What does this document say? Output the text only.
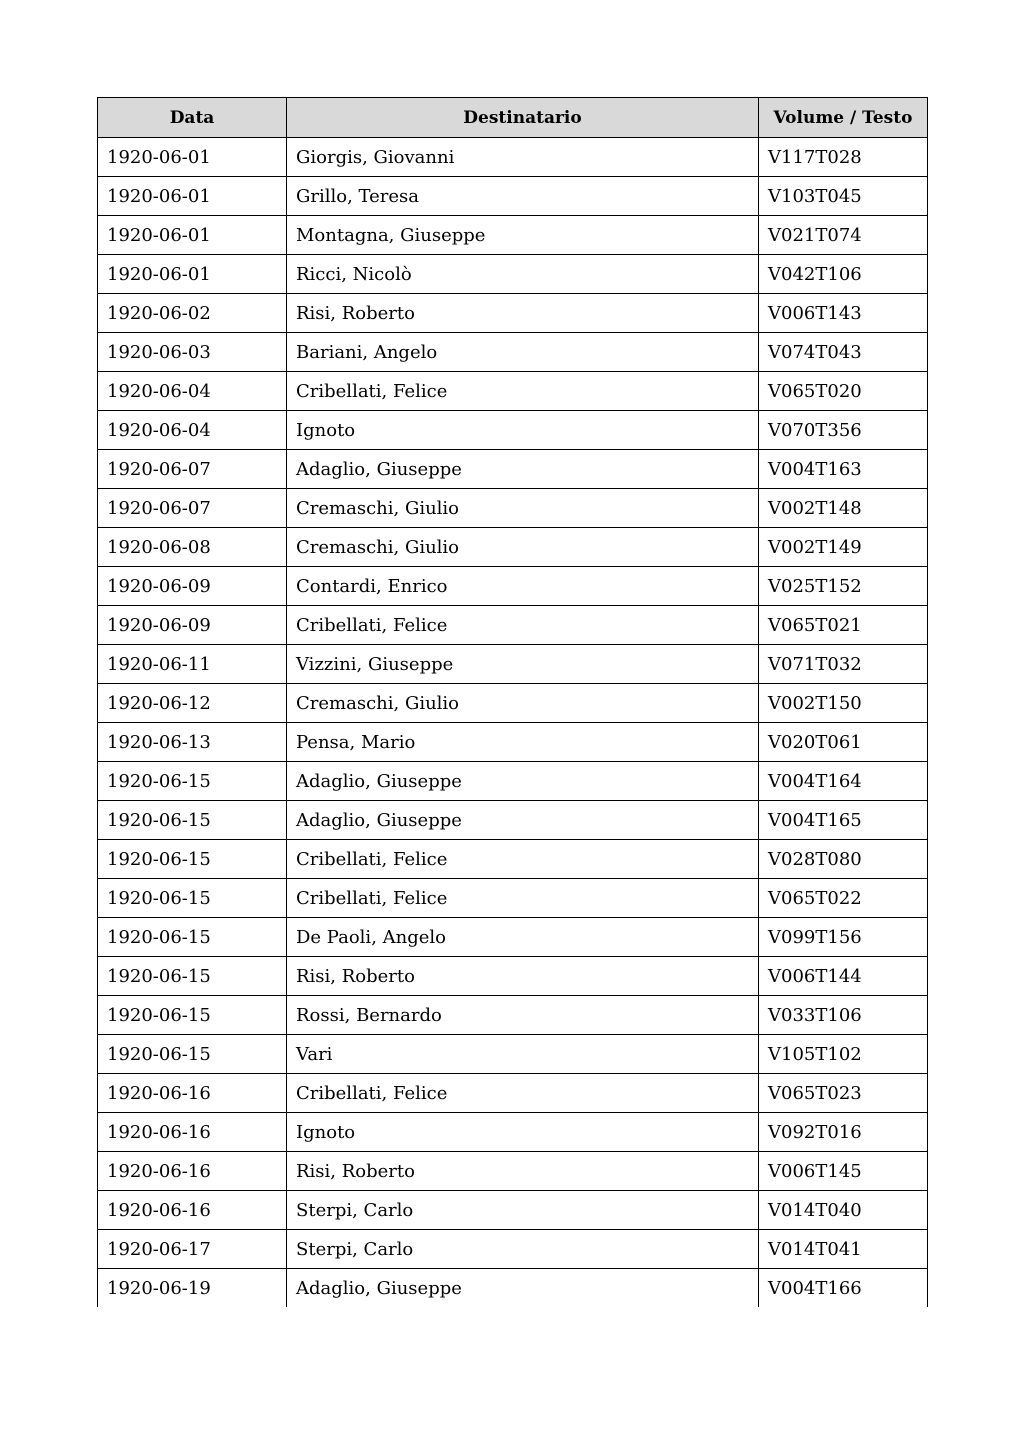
Data	Destinatario	Volume / Testo
1920-06-01	Giorgis, Giovanni	V117T028
1920-06-01	Grillo, Teresa	V103T045
1920-06-01	Montagna, Giuseppe	V021T074
1920-06-01	Ricci, Nicolò	V042T106
1920-06-02	Risi, Roberto	V006T143
1920-06-03	Bariani, Angelo	V074T043
1920-06-04	Cribellati, Felice	V065T020
1920-06-04	Ignoto	V070T356
1920-06-07	Adaglio, Giuseppe	V004T163
1920-06-07	Cremaschi, Giulio	V002T148
1920-06-08	Cremaschi, Giulio	V002T149
1920-06-09	Contardi, Enrico	V025T152
1920-06-09	Cribellati, Felice	V065T021
1920-06-11	Vizzini, Giuseppe	V071T032
1920-06-12	Cremaschi, Giulio	V002T150
1920-06-13	Pensa, Mario	V020T061
1920-06-15	Adaglio, Giuseppe	V004T164
1920-06-15	Adaglio, Giuseppe	V004T165
1920-06-15	Cribellati, Felice	V028T080
1920-06-15	Cribellati, Felice	V065T022
1920-06-15	De Paoli, Angelo	V099T156
1920-06-15	Risi, Roberto	V006T144
1920-06-15	Rossi, Bernardo	V033T106
1920-06-15	Vari	V105T102
1920-06-16	Cribellati, Felice	V065T023
1920-06-16	Ignoto	V092T016
1920-06-16	Risi, Roberto	V006T145
1920-06-16	Sterpi, Carlo	V014T040
1920-06-17	Sterpi, Carlo	V014T041
1920-06-19	Adaglio, Giuseppe	V004T166
